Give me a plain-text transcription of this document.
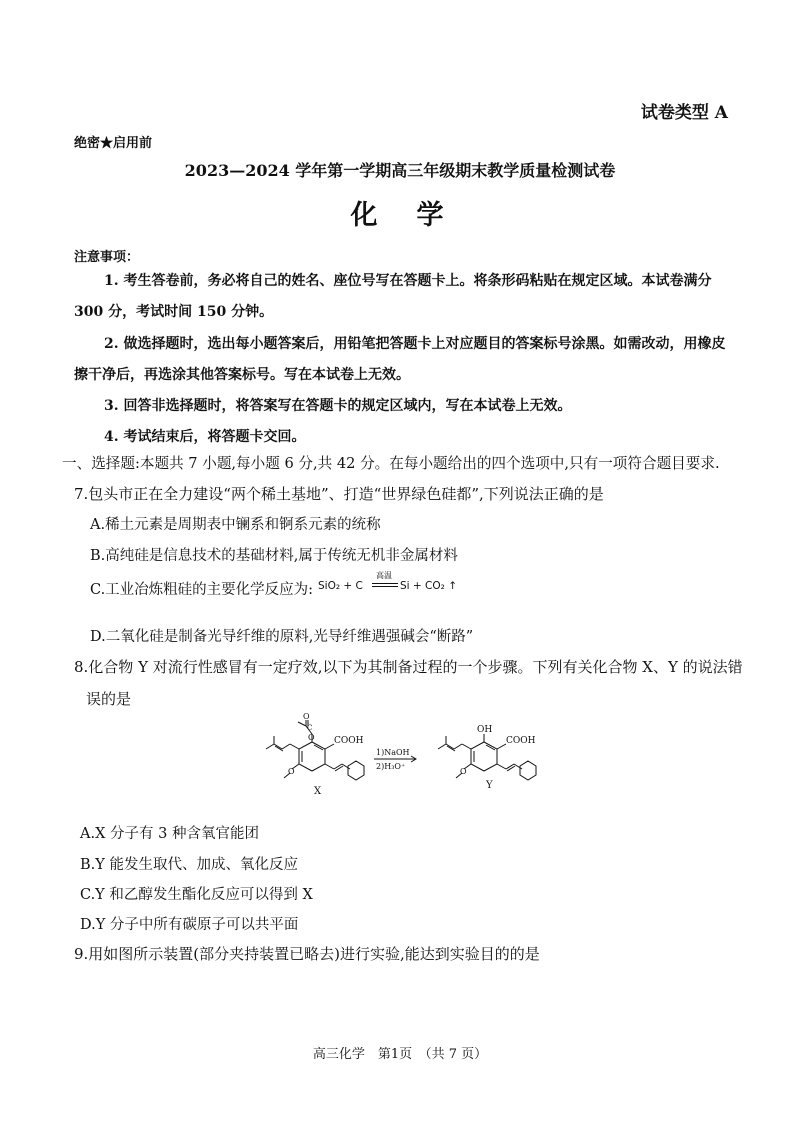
试卷类型 A
绝密★启用前
2023—2024 学年第一学期高三年级期末教学质量检测试卷
化　学
注意事项：
1. 考生答卷前，务必将自己的姓名、座位号写在答题卡上。将条形码粘贴在规定区域。本试卷满分
300 分，考试时间 150 分钟。
2. 做选择题时，选出每小题答案后，用铅笔把答题卡上对应题目的答案标号涂黑。如需改动，用橡皮
擦干净后，再选涂其他答案标号。写在本试卷上无效。
3. 回答非选择题时，将答案写在答题卡的规定区域内，写在本试卷上无效。
4. 考试结束后，将答题卡交回。
一、选择题:本题共 7 小题,每小题 6 分,共 42 分。在每小题给出的四个选项中,只有一项符合题目要求.
7.包头市正在全力建设“两个稀土基地”、打造“世界绿色硅都”,下列说法正确的是
A.稀土元素是周期表中镧系和锕系元素的统称
B.高纯硅是信息技术的基础材料,属于传统无机非金属材料
C.工业冶炼粗硅的主要化学反应为: SiO₂ + C
高温
Si + CO₂ ↑
D.二氧化硅是制备光导纤维的原料,光导纤维遇强碱会“断路”
8.化合物 Y 对流行性感冒有一定疗效,以下为其制备过程的一个步骤。下列有关化合物 X、Y 的说法错
误的是
O
C
O COOH
O
X
1)NaOH
2)H₃O⁺
OH
COOH
O
Y
A.X 分子有 3 种含氧官能团
B.Y 能发生取代、加成、氧化反应
C.Y 和乙醇发生酯化反应可以得到 X
D.Y 分子中所有碳原子可以共平面
9.用如图所示装置(部分夹持装置已略去)进行实验,能达到实验目的的是
高三化学　第1页　（共 7 页）
